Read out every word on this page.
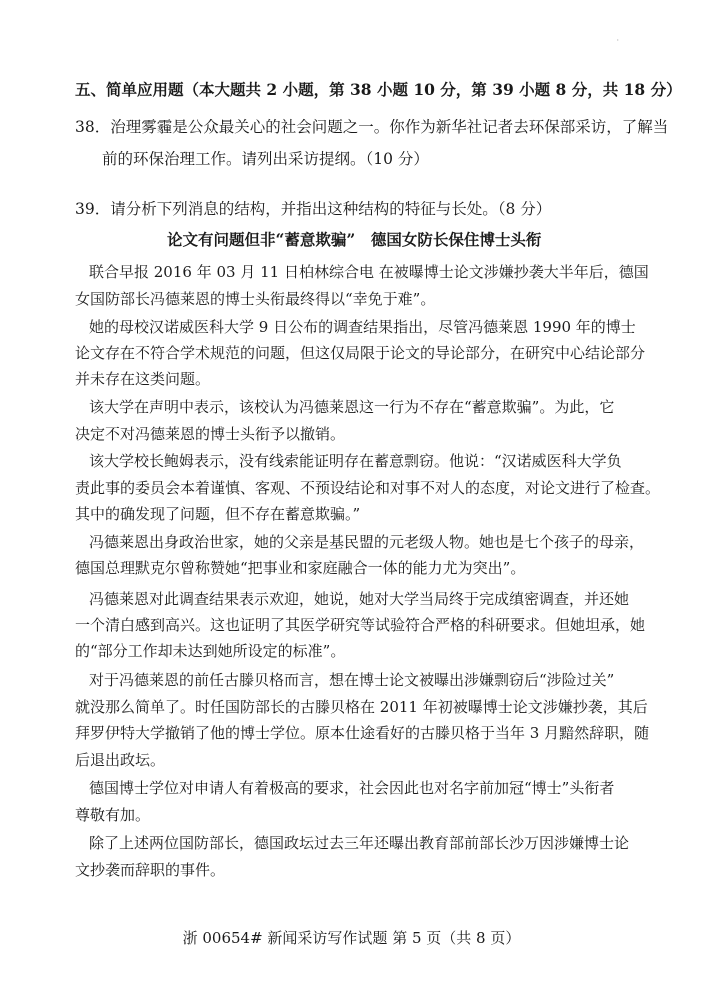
·
五、简单应用题（本大题共 2 小题，第 38 小题 10 分，第 39 小题 8 分，共 18 分）
38．治理雾霾是公众最关心的社会问题之一。你作为新华社记者去环保部采访，了解当
前的环保治理工作。请列出采访提纲。（10 分）
39．请分析下列消息的结构，并指出这种结构的特征与长处。（8 分）
论文有问题但非“蓄意欺骗”　德国女防长保住博士头衔
联合早报 2016 年 03 月 11 日柏林综合电 在被曝博士论文涉嫌抄袭大半年后，德国
女国防部长冯德莱恩的博士头衔最终得以“幸免于难”。
她的母校汉诺威医科大学 9 日公布的调查结果指出，尽管冯德莱恩 1990 年的博士
论文存在不符合学术规范的问题，但这仅局限于论文的导论部分，在研究中心结论部分
并未存在这类问题。
该大学在声明中表示，该校认为冯德莱恩这一行为不存在“蓄意欺骗”。为此，它
决定不对冯德莱恩的博士头衔予以撤销。
该大学校长鲍姆表示，没有线索能证明存在蓄意剽窃。他说：“汉诺威医科大学负
责此事的委员会本着谨慎、客观、不预设结论和对事不对人的态度，对论文进行了检查。
其中的确发现了问题，但不存在蓄意欺骗。”
冯德莱恩出身政治世家，她的父亲是基民盟的元老级人物。她也是七个孩子的母亲，
德国总理默克尔曾称赞她“把事业和家庭融合一体的能力尤为突出”。
冯德莱恩对此调查结果表示欢迎，她说，她对大学当局终于完成缜密调查，并还她
一个清白感到高兴。这也证明了其医学研究等试验符合严格的科研要求。但她坦承，她
的“部分工作却未达到她所设定的标准”。
对于冯德莱恩的前任古滕贝格而言，想在博士论文被曝出涉嫌剽窃后“涉险过关”
就没那么简单了。时任国防部长的古滕贝格在 2011 年初被曝博士论文涉嫌抄袭，其后
拜罗伊特大学撤销了他的博士学位。原本仕途看好的古滕贝格于当年 3 月黯然辞职，随
后退出政坛。
德国博士学位对申请人有着极高的要求，社会因此也对名字前加冠“博士”头衔者
尊敬有加。
除了上述两位国防部长，德国政坛过去三年还曝出教育部前部长沙万因涉嫌博士论
文抄袭而辞职的事件。
浙 00654# 新闻采访写作试题 第 5 页（共 8 页）
